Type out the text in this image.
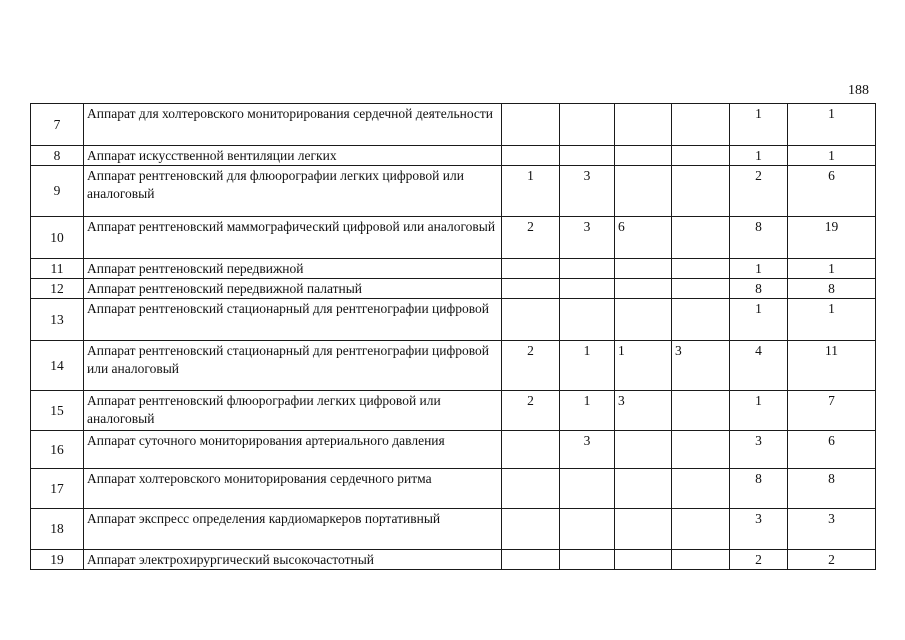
188
7	Аппарат для холтеровского мониторирования сердечной деятельности					1	1
8	Аппарат искусственной вентиляции легких					1	1
9	Аппарат рентгеновский для флюорографии легких цифровой или аналоговый	1	3			2	6
10	Аппарат рентгеновский маммографический цифровой или аналоговый	2	3	6		8	19
11	Аппарат рентгеновский передвижной					1	1
12	Аппарат рентгеновский передвижной палатный					8	8
13	Аппарат рентгеновский стационарный для рентгенографии цифровой					1	1
14	Аппарат рентгеновский стационарный для рентгенографии цифровой или аналоговый	2	1	1	3	4	11
15	Аппарат рентгеновский флюорографии легких цифровой или аналоговый	2	1	3		1	7
16	Аппарат суточного мониторирования артериального давления		3			3	6
17	Аппарат холтеровского мониторирования сердечного ритма					8	8
18	Аппарат экспресс определения кардиомаркеров портативный					3	3
19	Аппарат электрохирургический высокочастотный					2	2
